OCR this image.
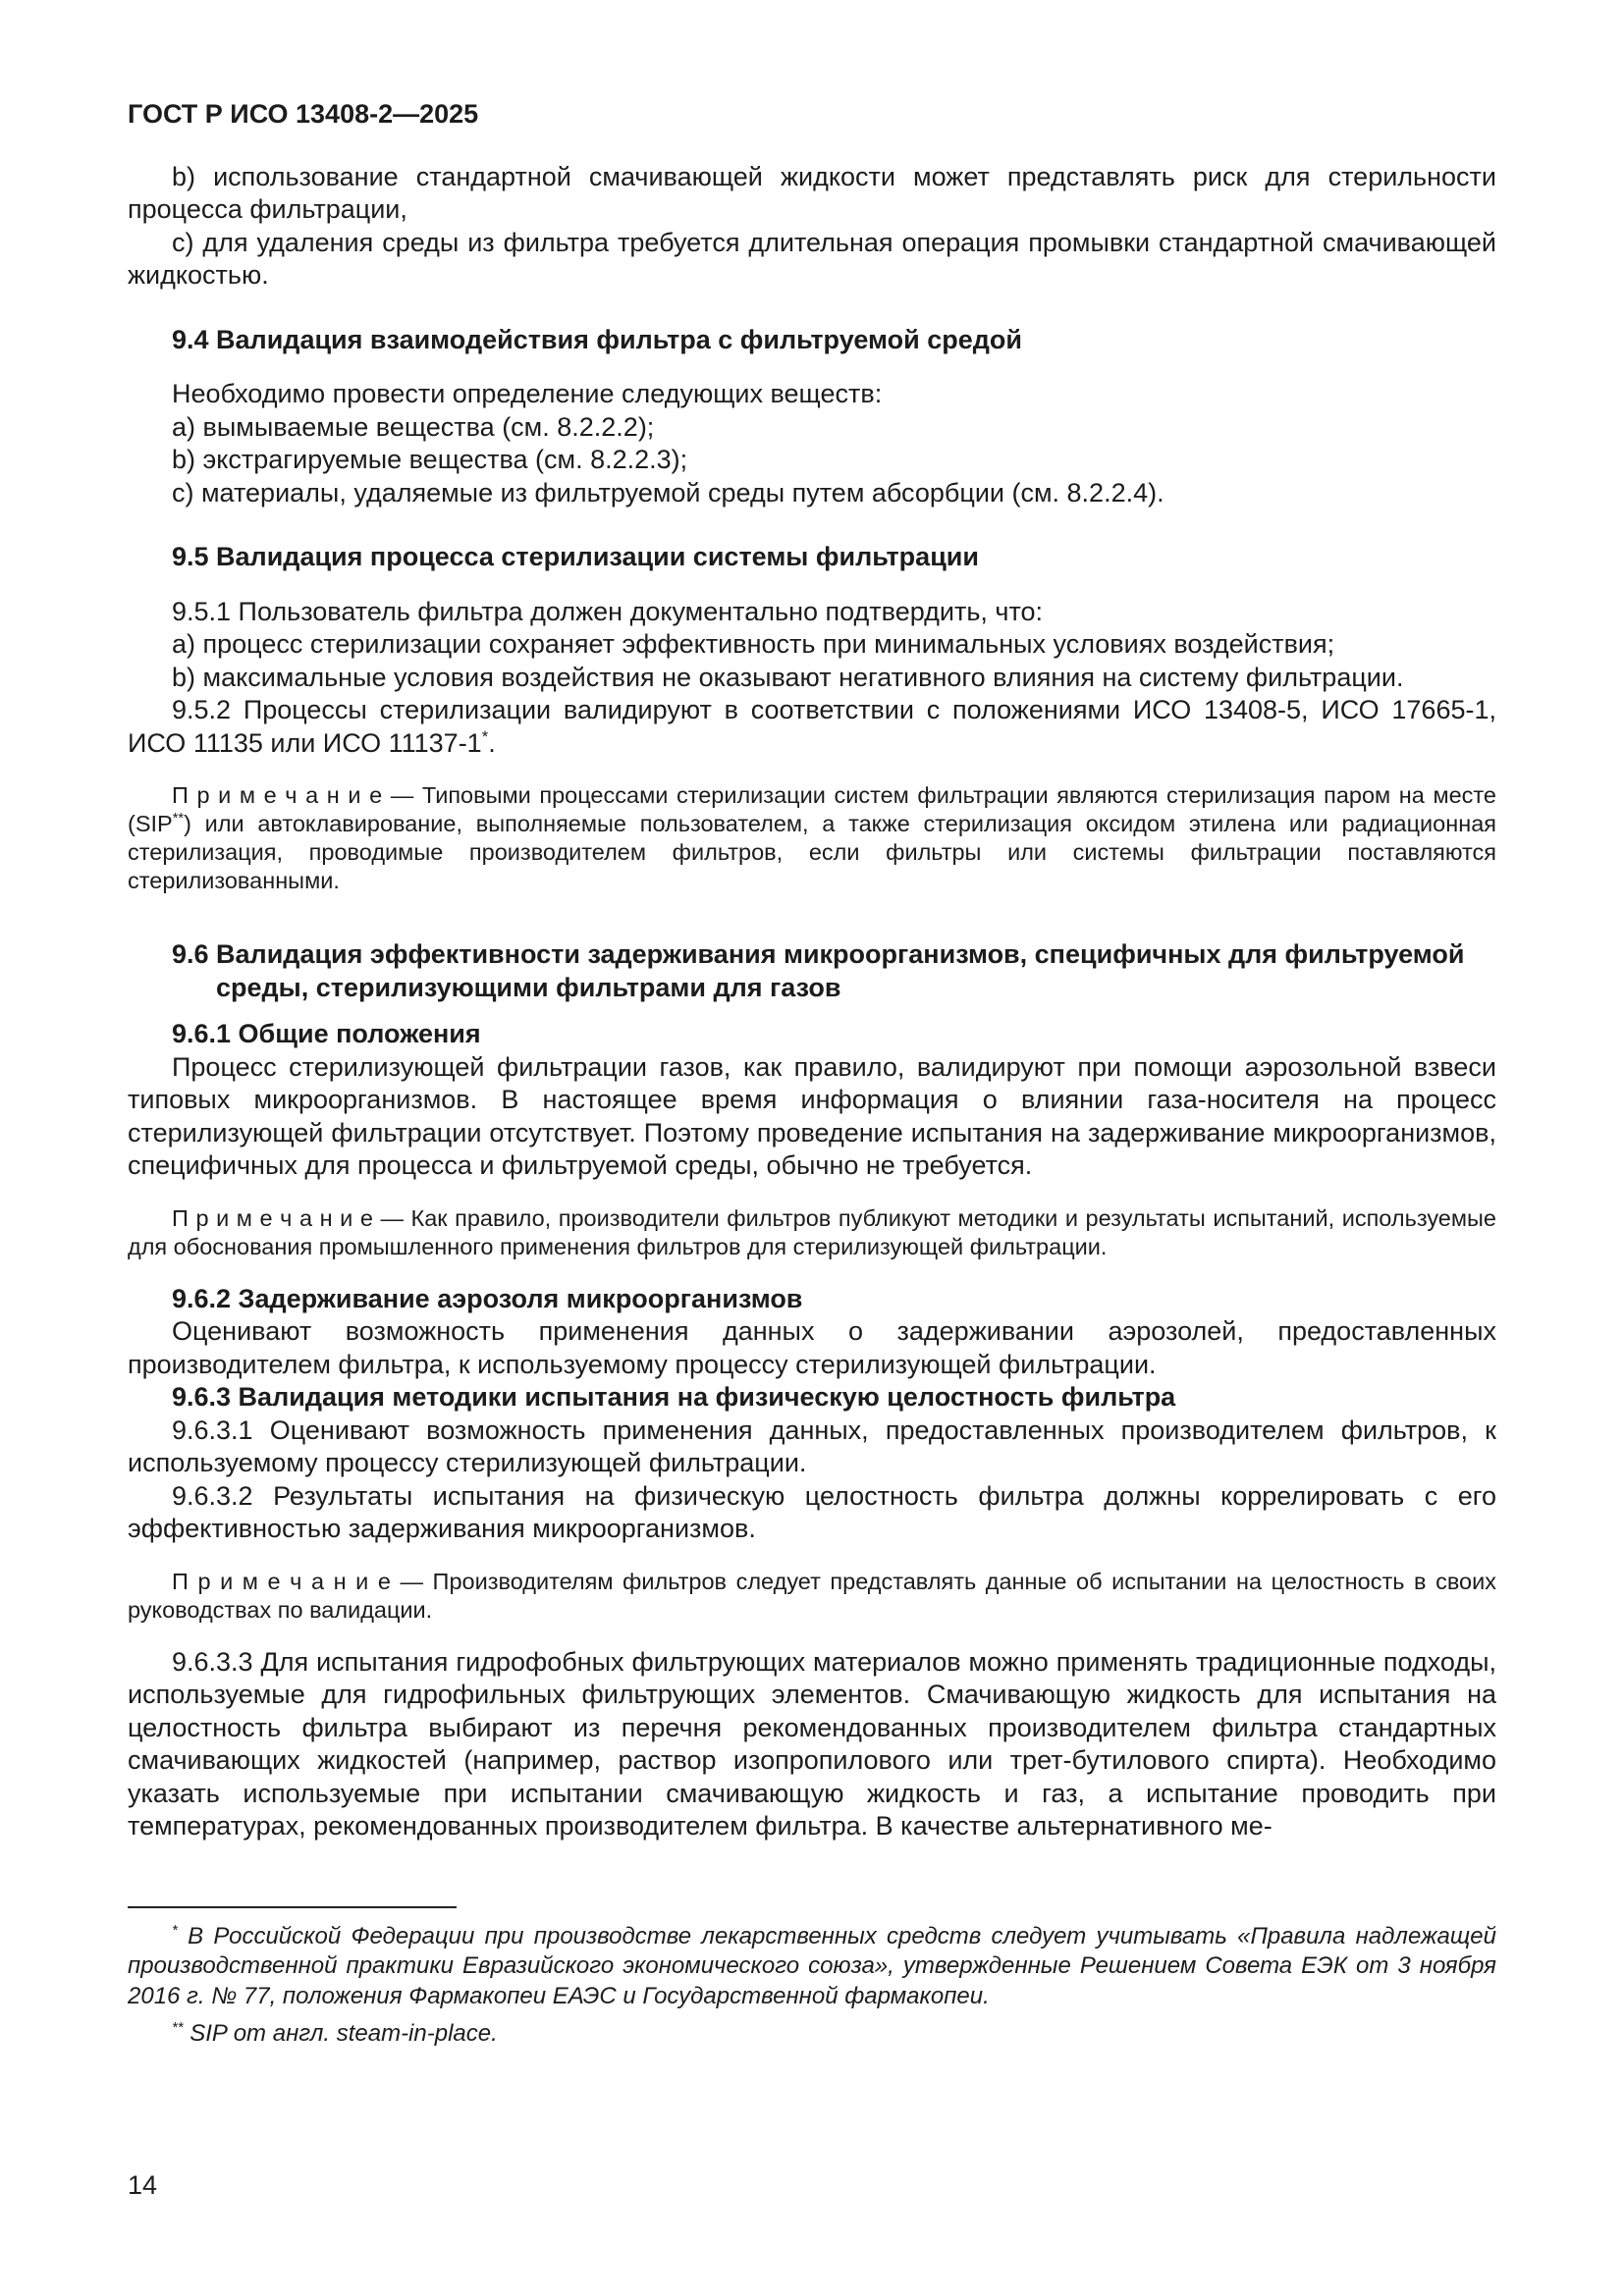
ГОСТ Р ИСО 13408-2—2025

b) использование стандартной смачивающей жидкости может представлять риск для стерильности процесса фильтрации,

c) для удаления среды из фильтра требуется длительная операция промывки стандартной смачивающей жидкостью.

9.4 Валидация взаимодействия фильтра с фильтруемой средой

Необходимо провести определение следующих веществ:

a) вымываемые вещества (см. 8.2.2.2);

b) экстрагируемые вещества (см. 8.2.2.3);

c) материалы, удаляемые из фильтруемой среды путем абсорбции (см. 8.2.2.4).

9.5 Валидация процесса стерилизации системы фильтрации

9.5.1 Пользователь фильтра должен документально подтвердить, что:

a) процесс стерилизации сохраняет эффективность при минимальных условиях воздействия;

b) максимальные условия воздействия не оказывают негативного влияния на систему фильтрации.

9.5.2 Процессы стерилизации валидируют в соответствии с положениями ИСО 13408-5, ИСО 17665-1, ИСО 11135 или ИСО 11137-1*.

П р и м е ч а н и е — Типовыми процессами стерилизации систем фильтрации являются стерилизация паром на месте (SIP**) или автоклавирование, выполняемые пользователем, а также стерилизация оксидом этилена или радиационная стерилизация, проводимые производителем фильтров, если фильтры или системы фильтрации поставляются стерилизованными.

9.6 Валидация эффективности задерживания микроорганизмов, специфичных для фильтруемой среды, стерилизующими фильтрами для газов

9.6.1 Общие положения

Процесс стерилизующей фильтрации газов, как правило, валидируют при помощи аэрозольной взвеси типовых микроорганизмов. В настоящее время информация о влиянии газа-носителя на процесс стерилизующей фильтрации отсутствует. Поэтому проведение испытания на задерживание микроорганизмов, специфичных для процесса и фильтруемой среды, обычно не требуется.

П р и м е ч а н и е — Как правило, производители фильтров публикуют методики и результаты испытаний, используемые для обоснования промышленного применения фильтров для стерилизующей фильтрации.

9.6.2 Задерживание аэрозоля микроорганизмов

Оценивают возможность применения данных о задерживании аэрозолей, предоставленных производителем фильтра, к используемому процессу стерилизующей фильтрации.

9.6.3 Валидация методики испытания на физическую целостность фильтра

9.6.3.1 Оценивают возможность применения данных, предоставленных производителем фильтров, к используемому процессу стерилизующей фильтрации.

9.6.3.2 Результаты испытания на физическую целостность фильтра должны коррелировать с его эффективностью задерживания микроорганизмов.

П р и м е ч а н и е — Производителям фильтров следует представлять данные об испытании на целостность в своих руководствах по валидации.

9.6.3.3 Для испытания гидрофобных фильтрующих материалов можно применять традиционные подходы, используемые для гидрофильных фильтрующих элементов. Смачивающую жидкость для испытания на целостность фильтра выбирают из перечня рекомендованных производителем фильтра стандартных смачивающих жидкостей (например, раствор изопропилового или трет-бутилового спирта). Необходимо указать используемые при испытании смачивающую жидкость и газ, а испытание проводить при температурах, рекомендованных производителем фильтра. В качестве альтернативного ме-

* В Российской Федерации при производстве лекарственных средств следует учитывать «Правила надлежащей производственной практики Евразийского экономического союза», утвержденные Решением Совета ЕЭК от 3 ноября 2016 г. № 77, положения Фармакопеи ЕАЭС и Государственной фармакопеи.

** SIP от англ. steam-in-place.

14
